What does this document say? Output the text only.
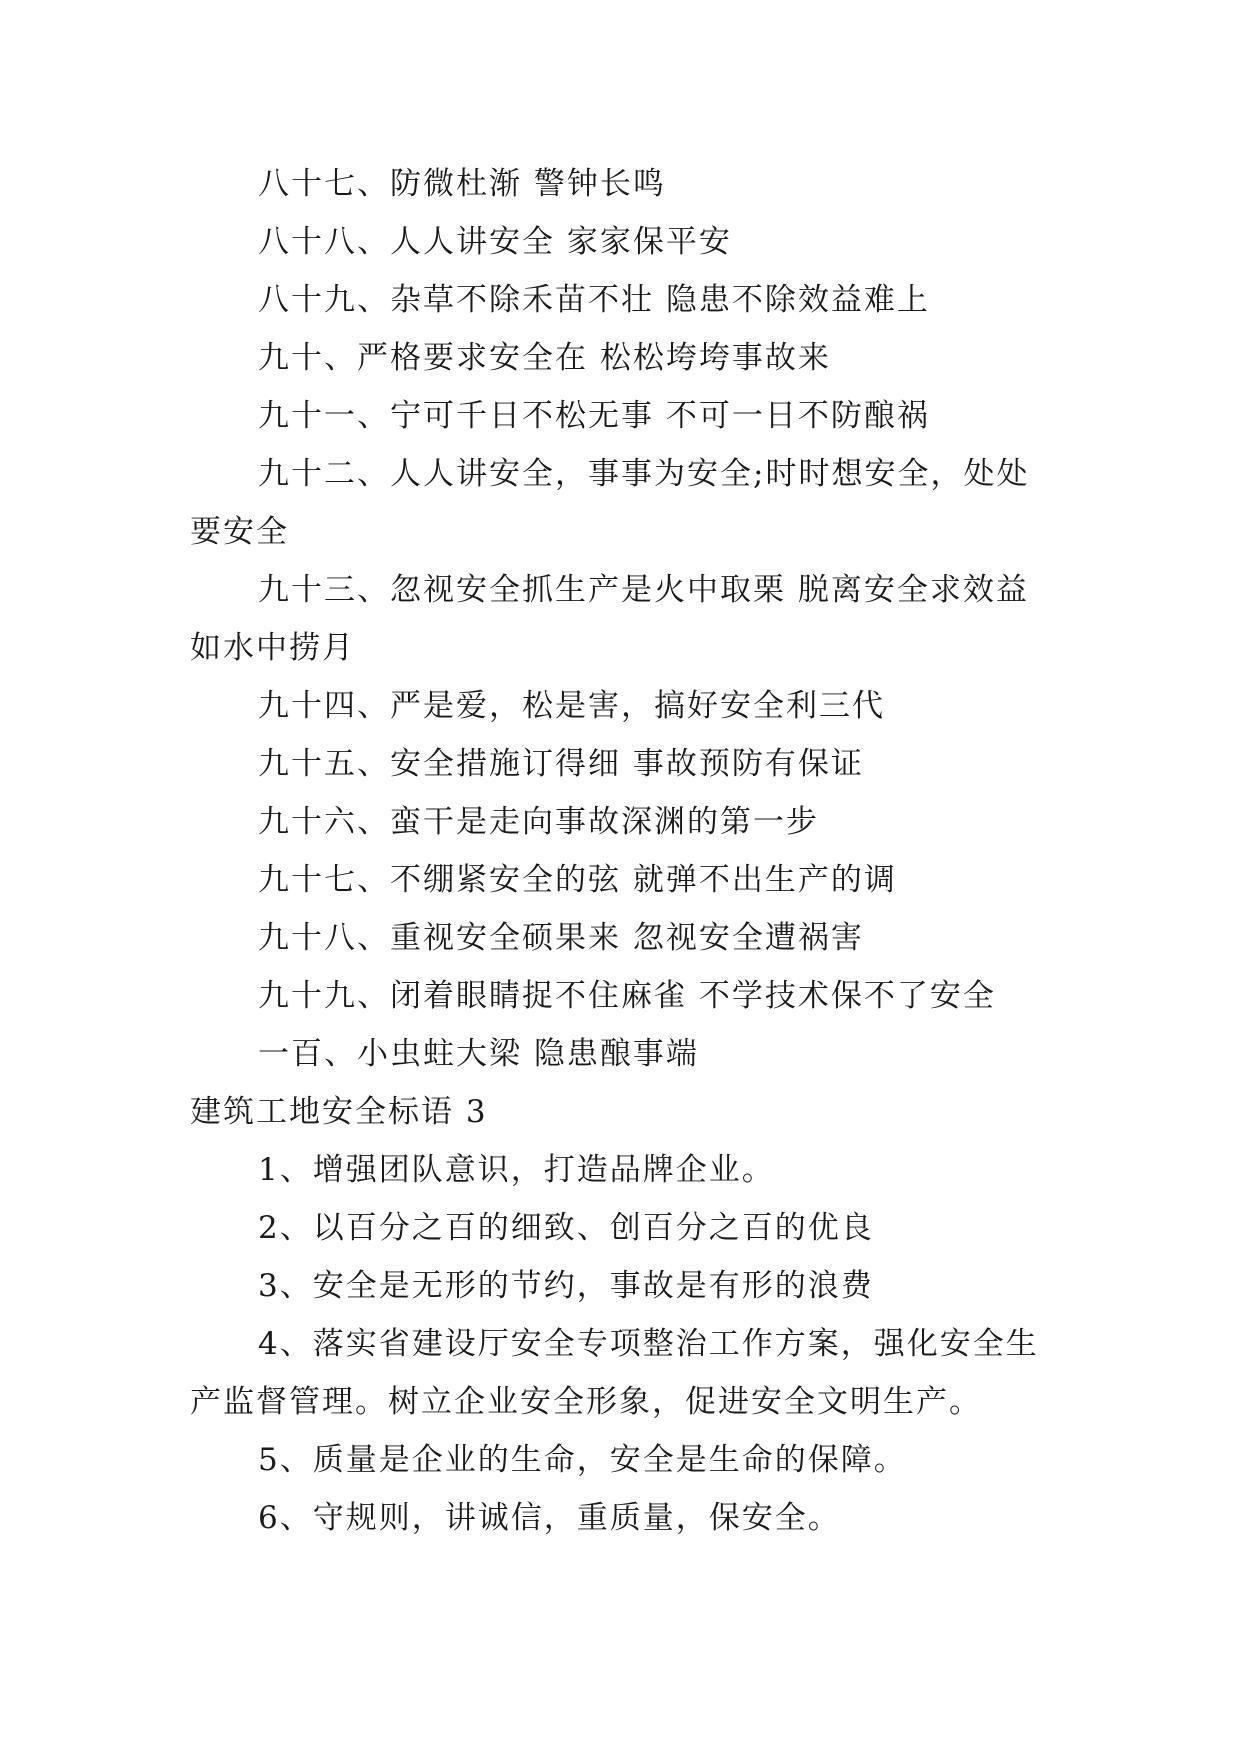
八十七、防微杜渐 警钟长鸣

八十八、人人讲安全 家家保平安

八十九、杂草不除禾苗不壮 隐患不除效益难上

九十、严格要求安全在 松松垮垮事故来

九十一、宁可千日不松无事 不可一日不防酿祸

九十二、人人讲安全，事事为安全;时时想安全，处处要安全

九十三、忽视安全抓生产是火中取栗 脱离安全求效益如水中捞月

九十四、严是爱，松是害，搞好安全利三代

九十五、安全措施订得细 事故预防有保证

九十六、蛮干是走向事故深渊的第一步

九十七、不绷紧安全的弦 就弹不出生产的调

九十八、重视安全硕果来 忽视安全遭祸害

九十九、闭着眼睛捉不住麻雀 不学技术保不了安全

一百、小虫蛀大梁 隐患酿事端

建筑工地安全标语 3

1、增强团队意识，打造品牌企业。

2、以百分之百的细致、创百分之百的优良

3、安全是无形的节约，事故是有形的浪费

4、落实省建设厅安全专项整治工作方案，强化安全生产监督管理。树立企业安全形象，促进安全文明生产。

5、质量是企业的生命，安全是生命的保障。

6、守规则，讲诚信，重质量，保安全。
